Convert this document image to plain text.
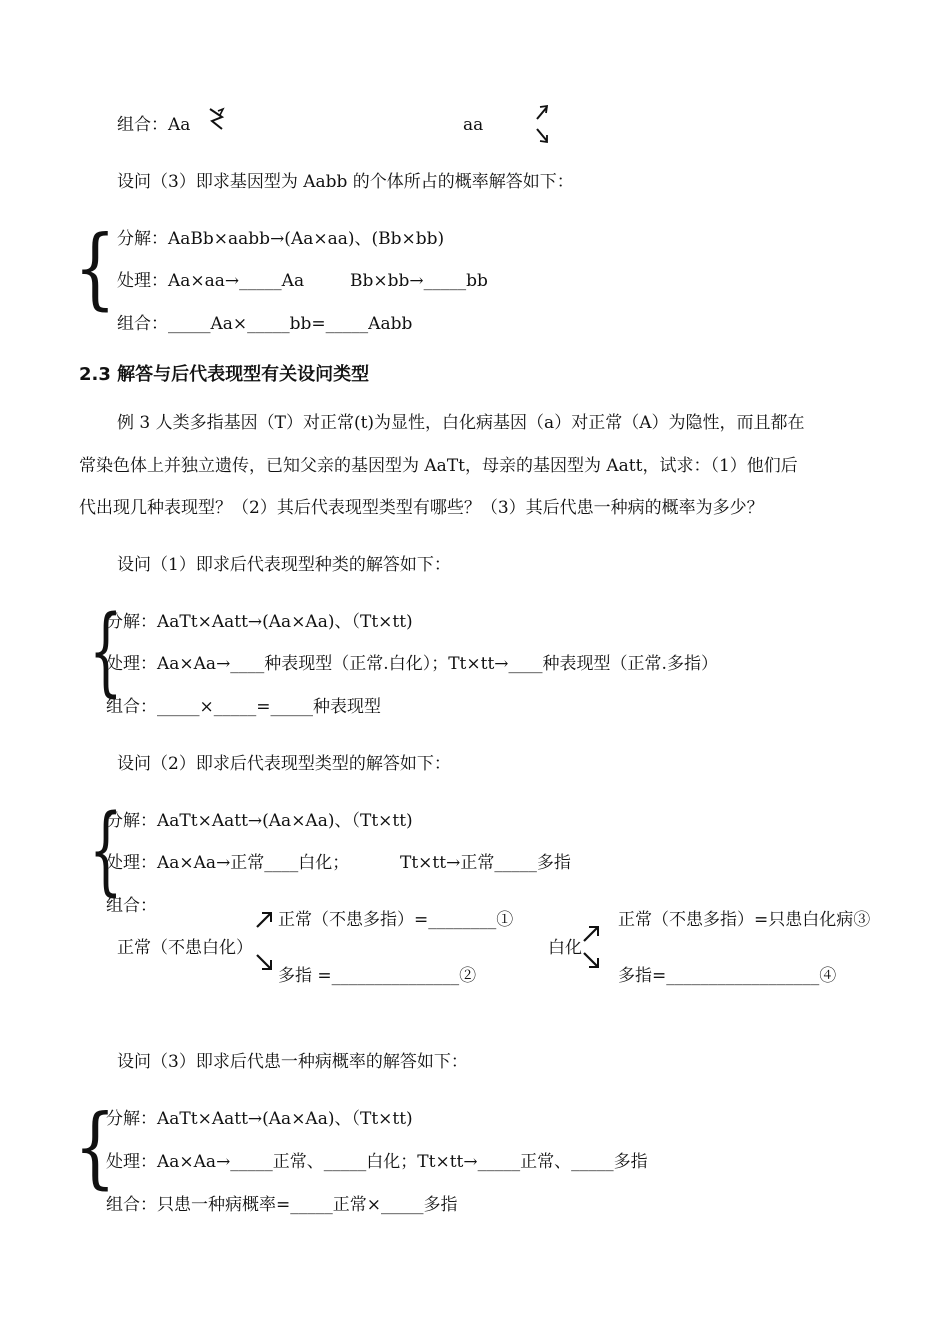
组合：Aa	aa
设问（3）即求基因型为 Aabb 的个体所占的概率解答如下：
{ 分解：AaBb×aabb→(Aa×aa)、(Bb×bb)
处理：Aa×aa→_____Aa	Bb×bb→_____bb
组合：_____Aa×_____bb=_____Aabb
2.3 解答与后代表现型有关设问类型
例 3 人类多指基因（T）对正常(t)为显性，白化病基因（a）对正常（A）为隐性，而且都在
常染色体上并独立遗传，已知父亲的基因型为 AaTt，母亲的基因型为 Aatt，试求：（1）他们后
代出现几种表现型？（2）其后代表现型类型有哪些？（3）其后代患一种病的概率为多少？
设问（1）即求后代表现型种类的解答如下：
{
分解：AaTt×Aatt→(Aa×Aa)、（Tt×tt)
处理：Aa×Aa→____种表现型（正常.白化）；Tt×tt→____种表现型（正常.多指）
组合：_____×_____=_____种表现型
设问（2）即求后代表现型类型的解答如下：
{
分解：AaTt×Aatt→(Aa×Aa)、（Tt×tt)
处理：Aa×Aa→正常____白化；	Tt×tt→正常_____多指
组合：
正常（不患白化）
正常（不患多指）=________①
多指 =_______________②
白化
正常（不患多指）=只患白化病③
多指=__________________④
设问（3）即求后代患一种病概率的解答如下：
{
分解：AaTt×Aatt→(Aa×Aa)、（Tt×tt)
处理：Aa×Aa→_____正常、_____白化；Tt×tt→_____正常、_____多指
组合：只患一种病概率=_____正常×_____多指
